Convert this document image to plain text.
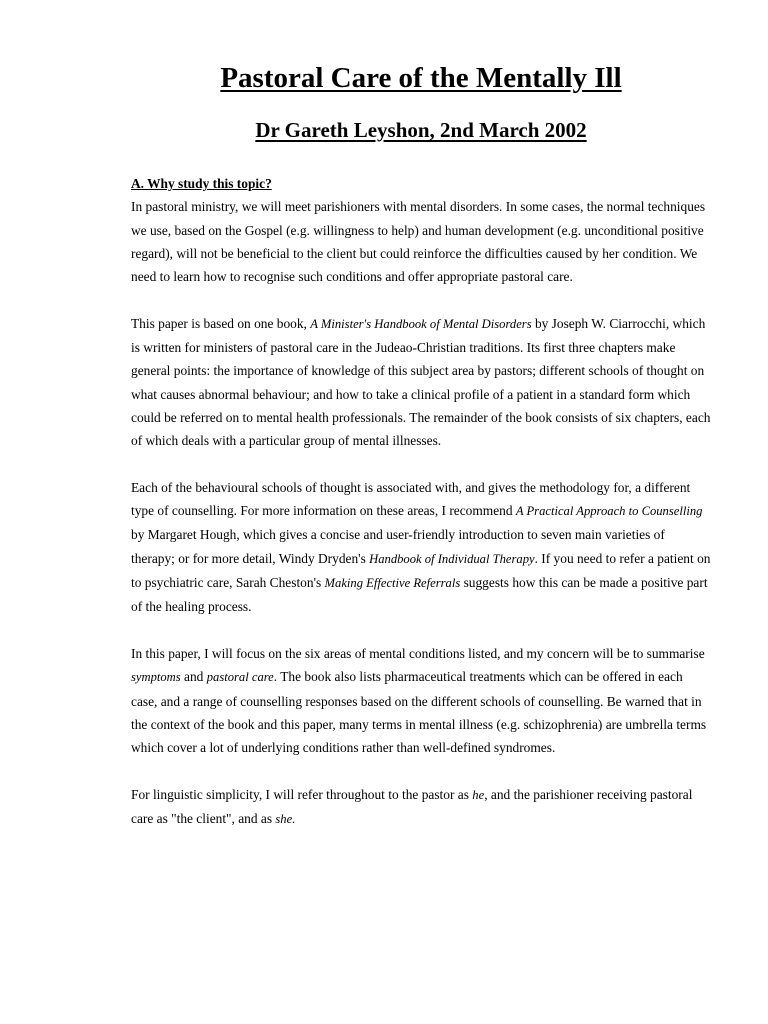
Pastoral Care of the Mentally Ill
Dr Gareth Leyshon, 2nd March 2002
A. Why study this topic?

In pastoral ministry, we will meet parishioners with mental disorders. In some cases, the normal techniques we use, based on the Gospel (e.g. willingness to help) and human development (e.g. unconditional positive regard), will not be beneficial to the client but could reinforce the difficulties caused by her condition. We need to learn how to recognise such conditions and offer appropriate pastoral care.

This paper is based on one book, A Minister's Handbook of Mental Disorders by Joseph W. Ciarrocchi, which is written for ministers of pastoral care in the Judeao-Christian traditions. Its first three chapters make general points: the importance of knowledge of this subject area by pastors; different schools of thought on what causes abnormal behaviour; and how to take a clinical profile of a patient in a standard form which could be referred on to mental health professionals. The remainder of the book consists of six chapters, each of which deals with a particular group of mental illnesses.

Each of the behavioural schools of thought is associated with, and gives the methodology for, a different type of counselling. For more information on these areas, I recommend A Practical Approach to Counselling by Margaret Hough, which gives a concise and user-friendly introduction to seven main varieties of therapy; or for more detail, Windy Dryden's Handbook of Individual Therapy. If you need to refer a patient on to psychiatric care, Sarah Cheston's Making Effective Referrals suggests how this can be made a positive part of the healing process.

In this paper, I will focus on the six areas of mental conditions listed, and my concern will be to summarise symptoms and pastoral care. The book also lists pharmaceutical treatments which can be offered in each case, and a range of counselling responses based on the different schools of counselling. Be warned that in the context of the book and this paper, many terms in mental illness (e.g. schizophrenia) are umbrella terms which cover a lot of underlying conditions rather than well-defined syndromes.

For linguistic simplicity, I will refer throughout to the pastor as he, and the parishioner receiving pastoral care as "the client", and as she.
